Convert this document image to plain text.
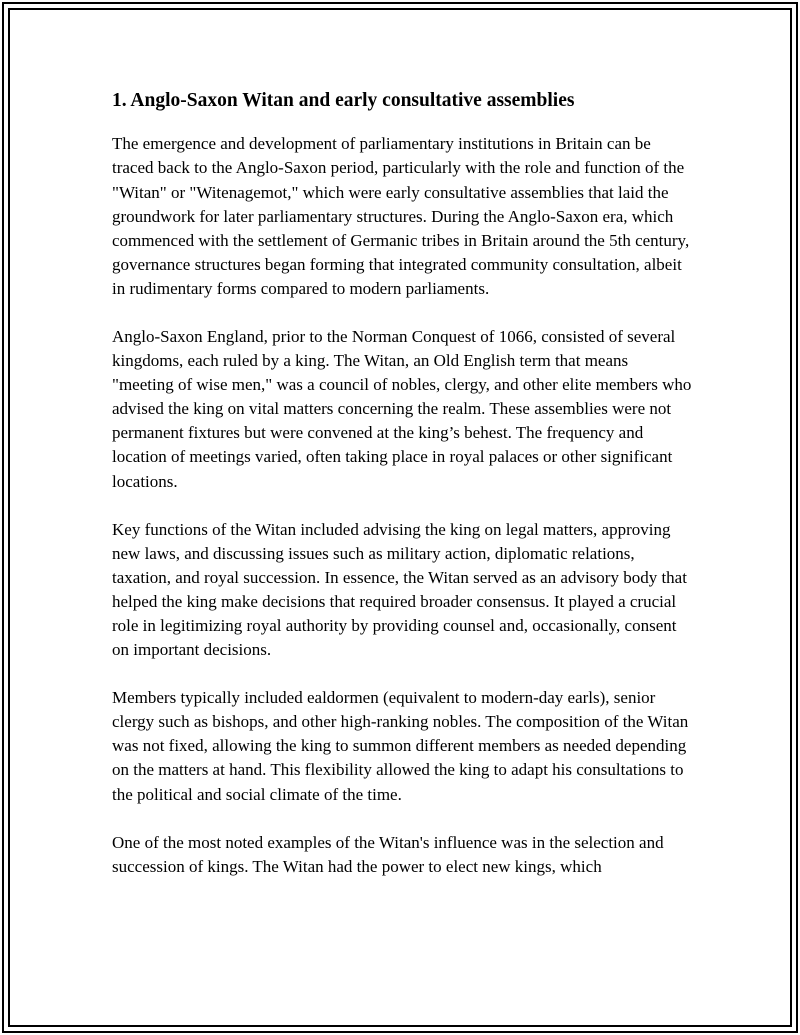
1. Anglo-Saxon Witan and early consultative assemblies

The emergence and development of parliamentary institutions in Britain can be traced back to the Anglo-Saxon period, particularly with the role and function of the "Witan" or "Witenagemot," which were early consultative assemblies that laid the groundwork for later parliamentary structures. During the Anglo-Saxon era, which commenced with the settlement of Germanic tribes in Britain around the 5th century, governance structures began forming that integrated community consultation, albeit in rudimentary forms compared to modern parliaments.

Anglo-Saxon England, prior to the Norman Conquest of 1066, consisted of several kingdoms, each ruled by a king. The Witan, an Old English term that means "meeting of wise men," was a council of nobles, clergy, and other elite members who advised the king on vital matters concerning the realm. These assemblies were not permanent fixtures but were convened at the king’s behest. The frequency and location of meetings varied, often taking place in royal palaces or other significant locations.

Key functions of the Witan included advising the king on legal matters, approving new laws, and discussing issues such as military action, diplomatic relations, taxation, and royal succession. In essence, the Witan served as an advisory body that helped the king make decisions that required broader consensus. It played a crucial role in legitimizing royal authority by providing counsel and, occasionally, consent on important decisions.

Members typically included ealdormen (equivalent to modern-day earls), senior clergy such as bishops, and other high-ranking nobles. The composition of the Witan was not fixed, allowing the king to summon different members as needed depending on the matters at hand. This flexibility allowed the king to adapt his consultations to the political and social climate of the time.

One of the most noted examples of the Witan's influence was in the selection and succession of kings. The Witan had the power to elect new kings, which
